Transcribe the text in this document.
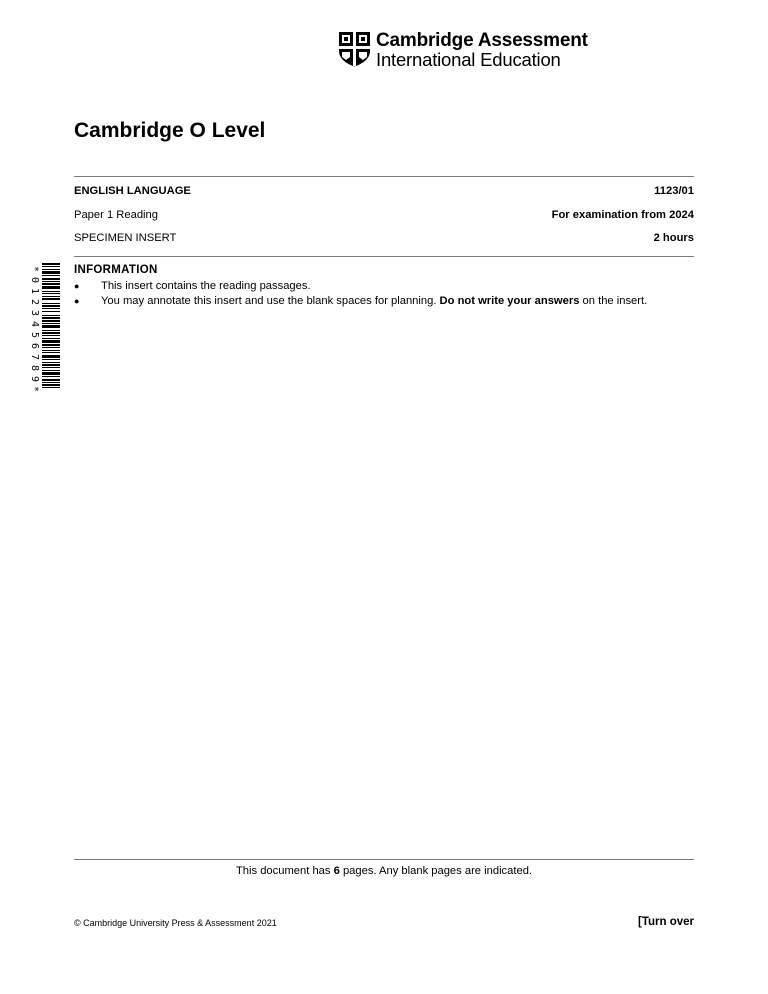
Cambridge Assessment
International Education
Cambridge O Level
ENGLISH LANGUAGE	1123/01
Paper 1 Reading	For examination from 2024
SPECIMEN INSERT	2 hours
*
0
1
2
3
4
5
6
7
8
9
*
INFORMATION
● This insert contains the reading passages.
● You may annotate this insert and use the blank spaces for planning. Do not write your answers on the insert.
This document has 6 pages. Any blank pages are indicated.
© Cambridge University Press & Assessment 2021	[Turn over
